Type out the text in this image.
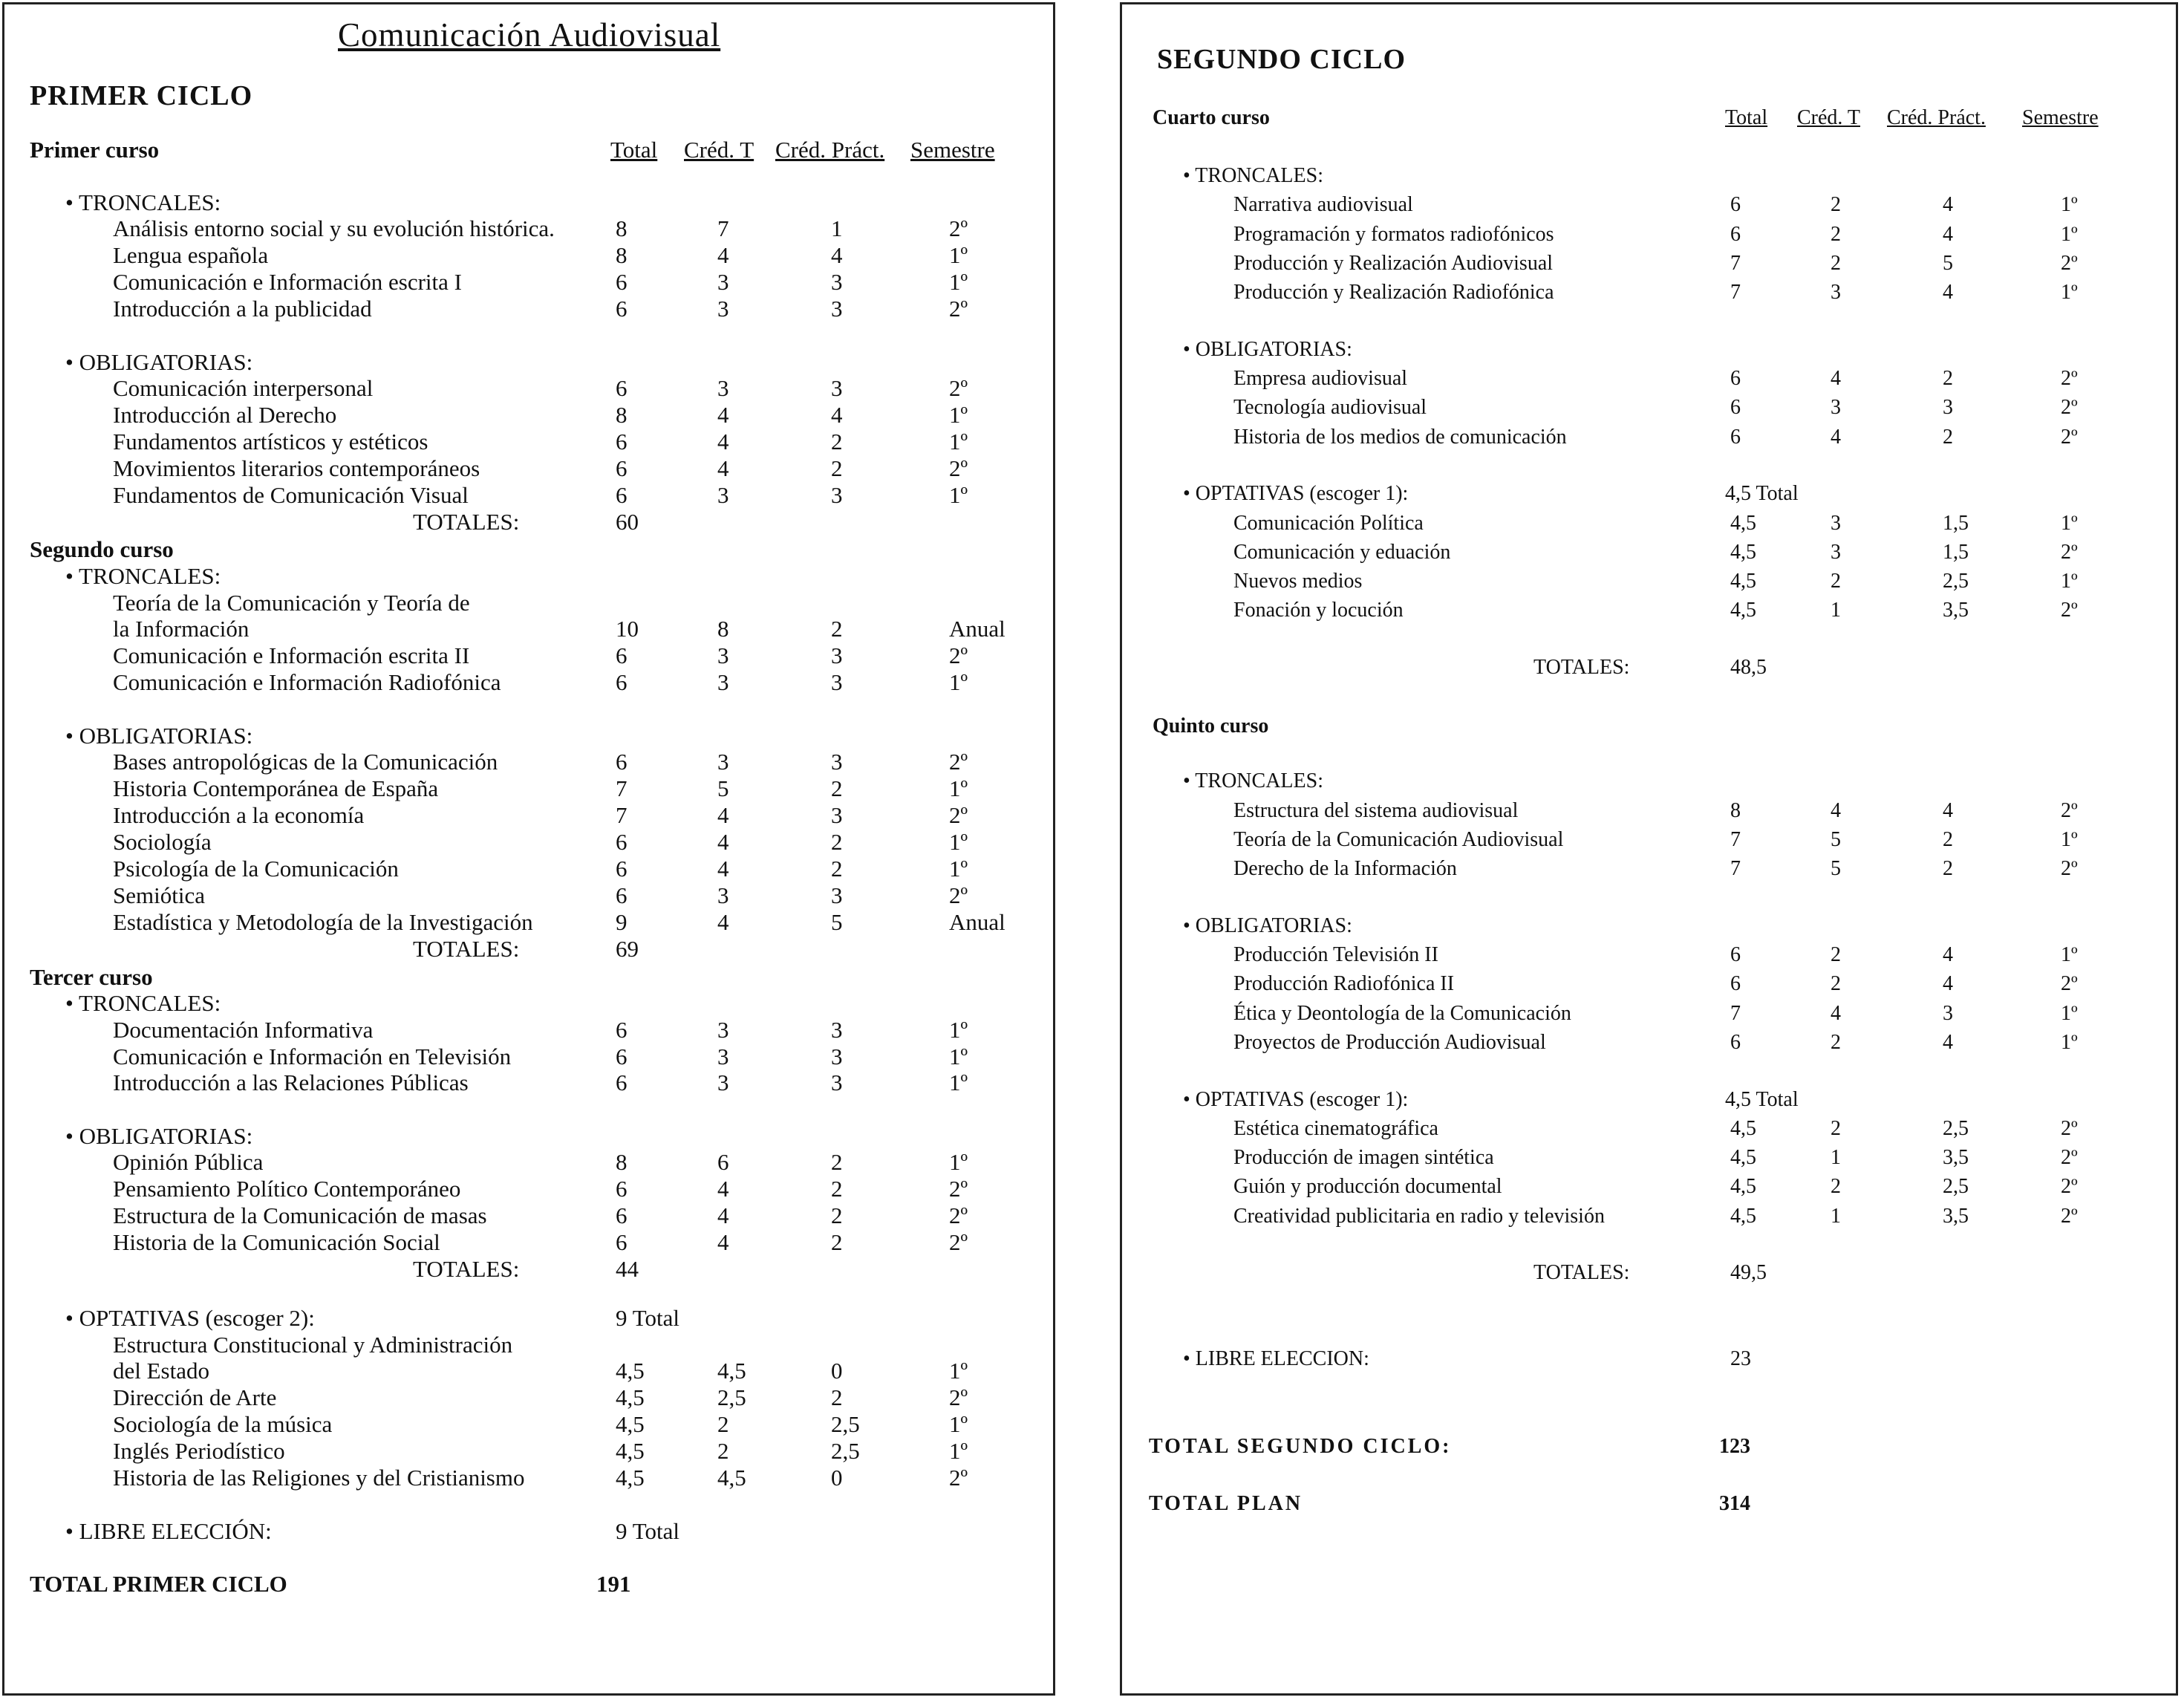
Comunicación Audiovisual
PRIMER CICLO
Primer curso	Total Créd. T Créd. Práct. Semestre
• TRONCALES:
Análisis entorno social y su evolución histórica.	8	7	1	2º
Lengua española	8	4	4	1º
Comunicación e Información escrita I	6	3	3	1º
Introducción a la publicidad	6	3	3	2º
• OBLIGATORIAS:
Comunicación interpersonal	6	3	3	2º
Introducción al Derecho	8	4	4	1º
Fundamentos artísticos y estéticos	6	4	2	1º
Movimientos literarios contemporáneos	6	4	2	2º
Fundamentos de Comunicación Visual	6	3	3	1º
TOTALES:	60
Segundo curso
• TRONCALES:
Teoría de la Comunicación y Teoría de
la Información	10	8	2	Anual
Comunicación e Información escrita II	6	3	3	2º
Comunicación e Información Radiofónica	6	3	3	1º
• OBLIGATORIAS:
Bases antropológicas de la Comunicación	6	3	3	2º
Historia Contemporánea de España	7	5	2	1º
Introducción a la economía	7	4	3	2º
Sociología	6	4	2	1º
Psicología de la Comunicación	6	4	2	1º
Semiótica	6	3	3	2º
Estadística y Metodología de la Investigación	9	4	5	Anual
TOTALES:	69
Tercer curso
• TRONCALES:
Documentación Informativa	6	3	3	1º
Comunicación e Información en Televisión	6	3	3	1º
Introducción a las Relaciones Públicas	6	3	3	1º
• OBLIGATORIAS:
Opinión Pública	8	6	2	1º
Pensamiento Político Contemporáneo	6	4	2	2º
Estructura de la Comunicación de masas	6	4	2	2º
Historia de la Comunicación Social	6	4	2	2º
TOTALES:	44
• OPTATIVAS (escoger 2):	9 Total
Estructura Constitucional y Administración
del Estado	4,5	4,5	0	1º
Dirección de Arte	4,5	2,5	2	2º
Sociología de la música	4,5	2	2,5	1º
Inglés Periodístico	4,5	2	2,5	1º
Historia de las Religiones y del Cristianismo	4,5	4,5	0	2º
• LIBRE ELECCIÓN:	9 Total
TOTAL PRIMER CICLO	191
SEGUNDO CICLO
Cuarto curso	Total Créd. T Créd. Práct. Semestre
• TRONCALES:
Narrativa audiovisual	6	2	4	1º
Programación y formatos radiofónicos	6	2	4	1º
Producción y Realización Audiovisual	7	2	5	2º
Producción y Realización Radiofónica	7	3	4	1º
• OBLIGATORIAS:
Empresa audiovisual	6	4	2	2º
Tecnología audiovisual	6	3	3	2º
Historia de los medios de comunicación	6	4	2	2º
• OPTATIVAS (escoger 1):	4,5 Total
Comunicación Política	4,5	3	1,5	1º
Comunicación y eduación	4,5	3	1,5	2º
Nuevos medios	4,5	2	2,5	1º
Fonación y locución	4,5	1	3,5	2º
TOTALES:	48,5
Quinto curso
• TRONCALES:
Estructura del sistema audiovisual	8	4	4	2º
Teoría de la Comunicación Audiovisual	7	5	2	1º
Derecho de la Información	7	5	2	2º
• OBLIGATORIAS:
Producción Televisión II	6	2	4	1º
Producción Radiofónica II	6	2	4	2º
Ética y Deontología de la Comunicación	7	4	3	1º
Proyectos de Producción Audiovisual	6	2	4	1º
• OPTATIVAS (escoger 1):	4,5 Total
Estética cinematográfica	4,5	2	2,5	2º
Producción de imagen sintética	4,5	1	3,5	2º
Guión y producción documental	4,5	2	2,5	2º
Creatividad publicitaria en radio y televisión	4,5	1	3,5	2º
TOTALES:	49,5
• LIBRE ELECCION:	23
TOTAL SEGUNDO CICLO:	123
TOTAL PLAN	314
